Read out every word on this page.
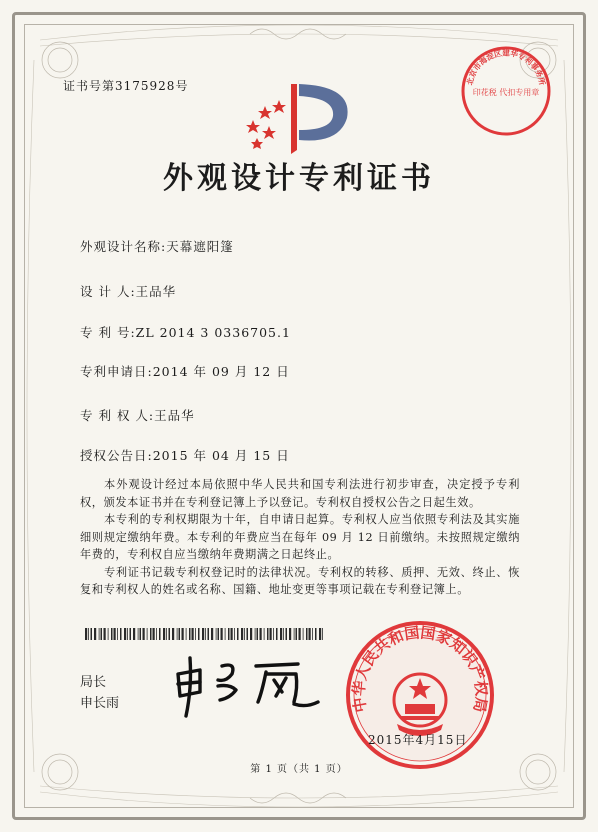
证书号第3175928号
外观设计专利证书
外观设计名称:天幕遮阳篷
设 计 人:王品华
专 利 号:ZL 2014 3 0336705.1
专利申请日:2014 年 09 月 12 日
专 利 权 人:王品华
授权公告日:2015 年 04 月 15 日

本外观设计经过本局依照中华人民共和国专利法进行初步审查，决定授予专利权，颁发本证书并在专利登记簿上予以登记。专利权自授权公告之日起生效。

本专利的专利权期限为十年，自申请日起算。专利权人应当依照专利法及其实施细则规定缴纳年费。本专利的年费应当在每年 09 月 12 日前缴纳。未按照规定缴纳年费的，专利权自应当缴纳年费期满之日起终止。

专利证书记载专利权登记时的法律状况。专利权的转移、质押、无效、终止、恢复和专利权人的姓名或名称、国籍、地址变更等事项记载在专利登记簿上。

局长
申长雨	中华人民共和国国家知识产权局
2015年4月15日
北京市海淀区建华专利事务所
印花税 代扣专用章
第 1 页（共 1 页）
